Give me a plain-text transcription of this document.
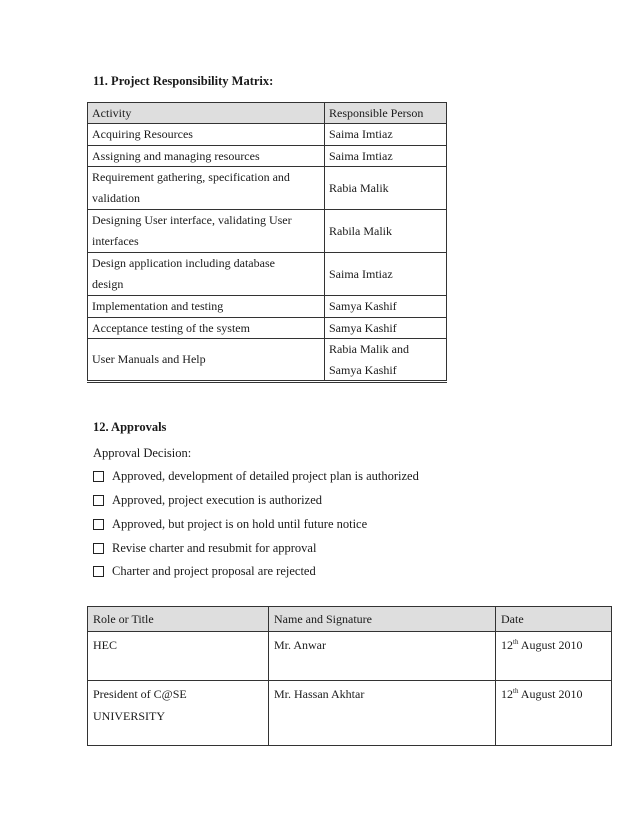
11. Project Responsibility Matrix:
Activity	Responsible Person
Acquiring Resources	Saima Imtiaz
Assigning and managing resources	Saima Imtiaz
Requirement gathering, specification and
validation	Rabia Malik
Designing User interface, validating User
interfaces	Rabila Malik
Design application including database
design	Saima Imtiaz
Implementation and testing	Samya Kashif
Acceptance testing of the system	Samya Kashif
User Manuals and Help	Rabia Malik and
Samya Kashif
12. Approvals

Approval Decision:

Approved, development of detailed project plan is authorized
Approved, project execution is authorized
Approved, but project is on hold until future notice
Revise charter and resubmit for approval
Charter and project proposal are rejected
Role or Title	Name and Signature	Date
HEC	Mr. Anwar	12th August 2010
President of C@SE
UNIVERSITY	Mr. Hassan Akhtar	12th August 2010
